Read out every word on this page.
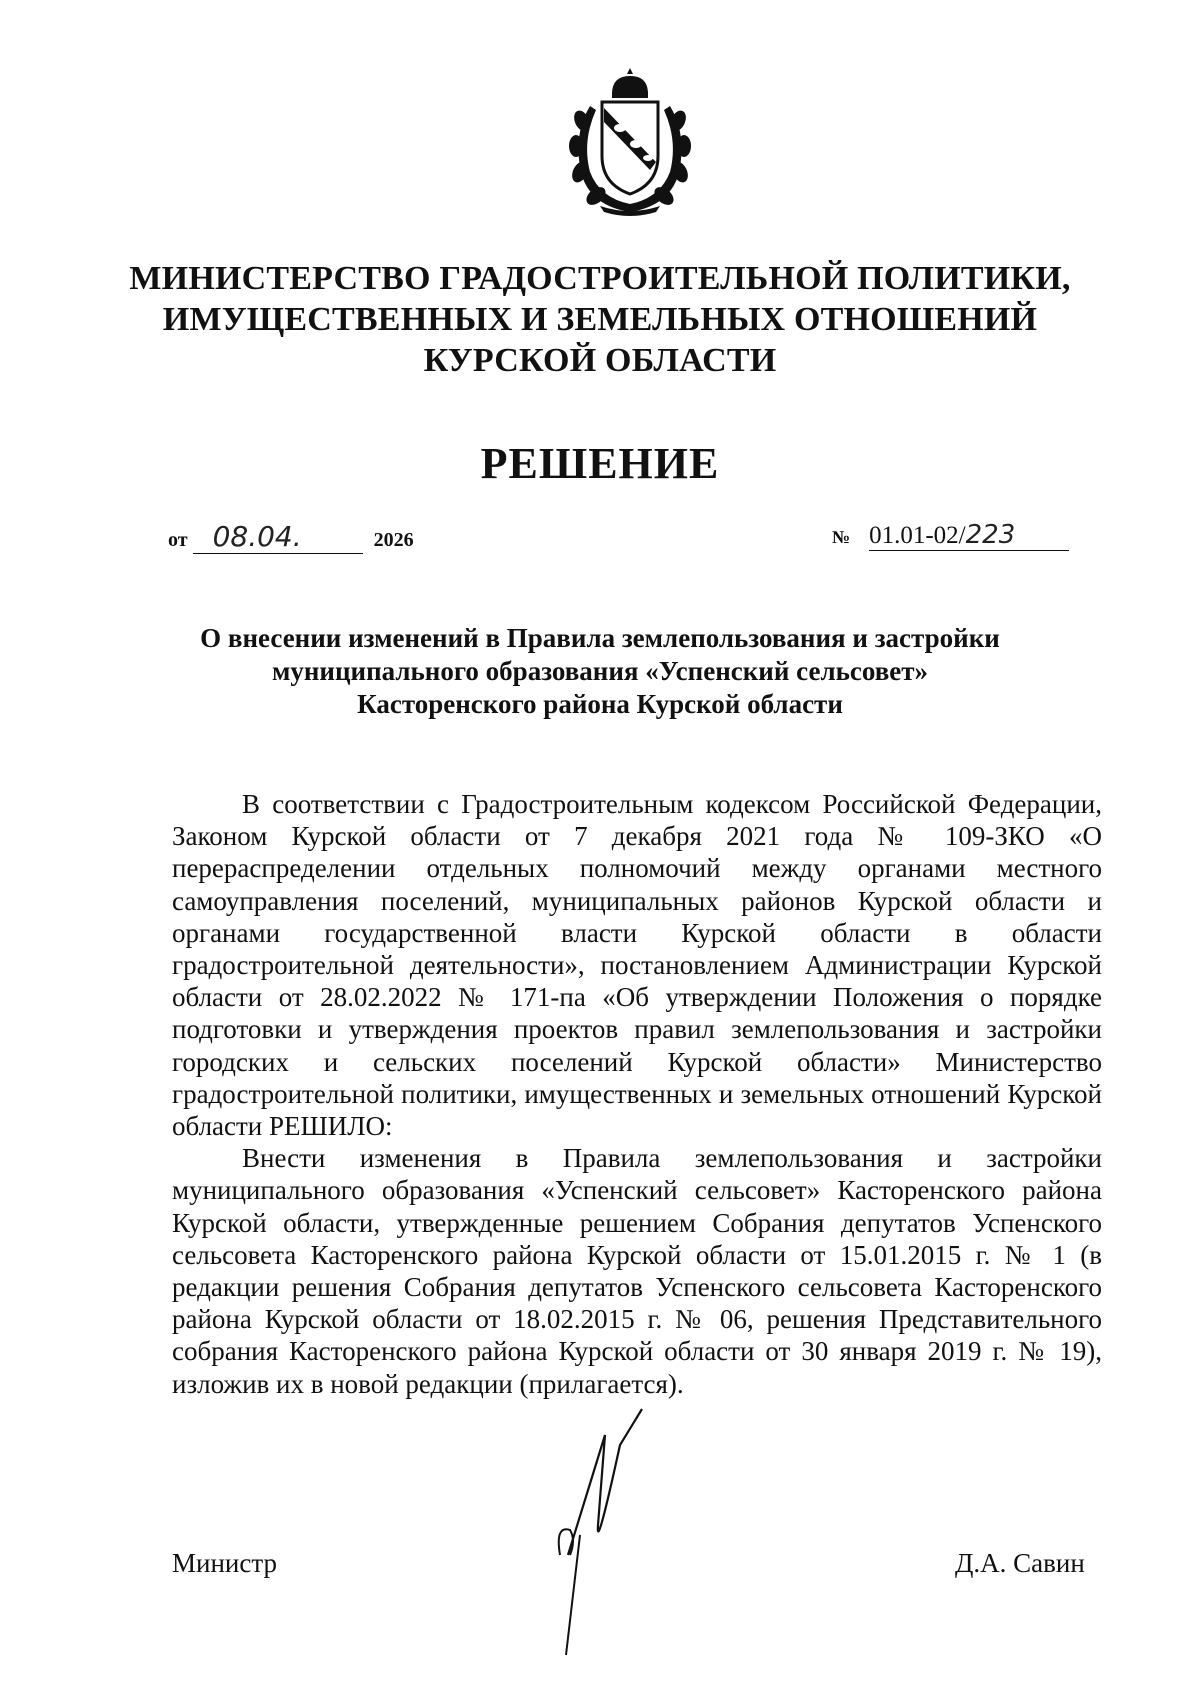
МИНИСТЕРСТВО ГРАДОСТРОИТЕЛЬНОЙ ПОЛИТИКИ,
ИМУЩЕСТВЕННЫХ И ЗЕМЕЛЬНЫХ ОТНОШЕНИЙ
КУРСКОЙ ОБЛАСТИ
РЕШЕНИЕ
от 08.04.	2026	№ 01.01-02/223
О внесении изменений в Правила землепользования и застройки
муниципального образования «Успенский сельсовет»
Касторенского района Курской области

В соответствии с Градостроительным кодексом Российской Федерации, Законом Курской области от 7 декабря 2021 года № 109-ЗКО «О перераспределении отдельных полномочий между органами местного самоуправления поселений, муниципальных районов Курской области и органами государственной власти Курской области в области градостроительной деятельности», постановлением Администрации Курской области от 28.02.2022 № 171-па «Об утверждении Положения о порядке подготовки и утверждения проектов правил землепользования и застройки городских и сельских поселений Курской области» Министерство градостроительной политики, имущественных и земельных отношений Курской области РЕШИЛО:

Внести изменения в Правила землепользования и застройки муниципального образования «Успенский сельсовет» Касторенского района Курской области, утвержденные решением Собрания депутатов Успенского сельсовета Касторенского района Курской области от 15.01.2015 г. № 1 (в редакции решения Собрания депутатов Успенского сельсовета Касторенского района Курской области от 18.02.2015 г. № 06, решения Представительного собрания Касторенского района Курской области от 30 января 2019 г. № 19), изложив их в новой редакции (прилагается).

Министр	Д.А. Савин
